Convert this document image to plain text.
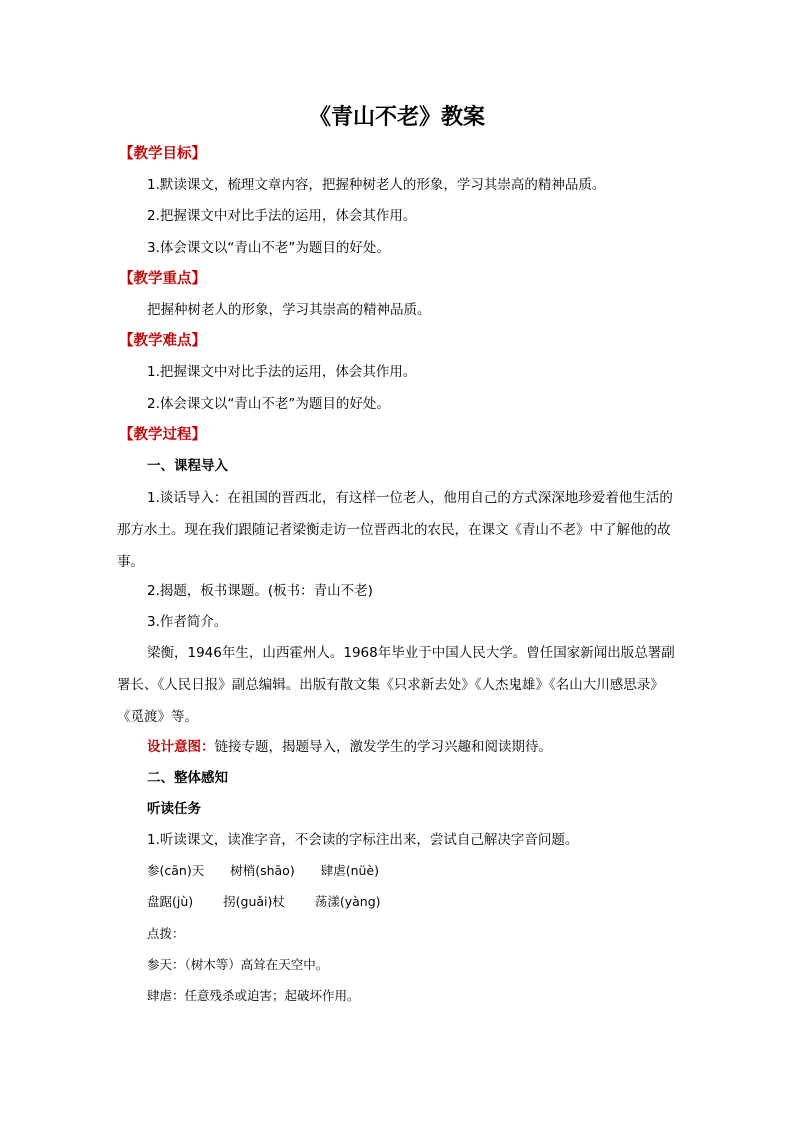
《青山不老》教案
【教学目标】
1.默读课文，梳理文章内容，把握种树老人的形象，学习其崇高的精神品质。
2.把握课文中对比手法的运用，体会其作用。
3.体会课文以“青山不老”为题目的好处。
【教学重点】
把握种树老人的形象，学习其崇高的精神品质。
【教学难点】
1.把握课文中对比手法的运用，体会其作用。
2.体会课文以“青山不老”为题目的好处。
【教学过程】
一、课程导入
1.谈话导入：在祖国的晋西北，有这样一位老人，他用自己的方式深深地珍爱着他生活的那方水土。现在我们跟随记者梁衡走访一位晋西北的农民，在课文《青山不老》中了解他的故事。
2.揭题，板书课题。(板书：青山不老)
3.作者简介。
梁衡，1946年生，山西霍州人。1968年毕业于中国人民大学。曾任国家新闻出版总署副署长、《人民日报》副总编辑。出版有散文集《只求新去处》《人杰鬼雄》《名山大川感思录》《觅渡》等。
设计意图：链接专题，揭题导入，激发学生的学习兴趣和阅读期待。
二、整体感知
听读任务
1.听读课文，读准字音，不会读的字标注出来，尝试自己解决字音问题。
参(cān)天 树梢(shāo) 肆虐(nüè)
盘踞(jù) 拐(guǎi)杖 荡漾(yàng)
点拨：
参天：（树木等）高耸在天空中。
肆虐：任意残杀或迫害；起破坏作用。
